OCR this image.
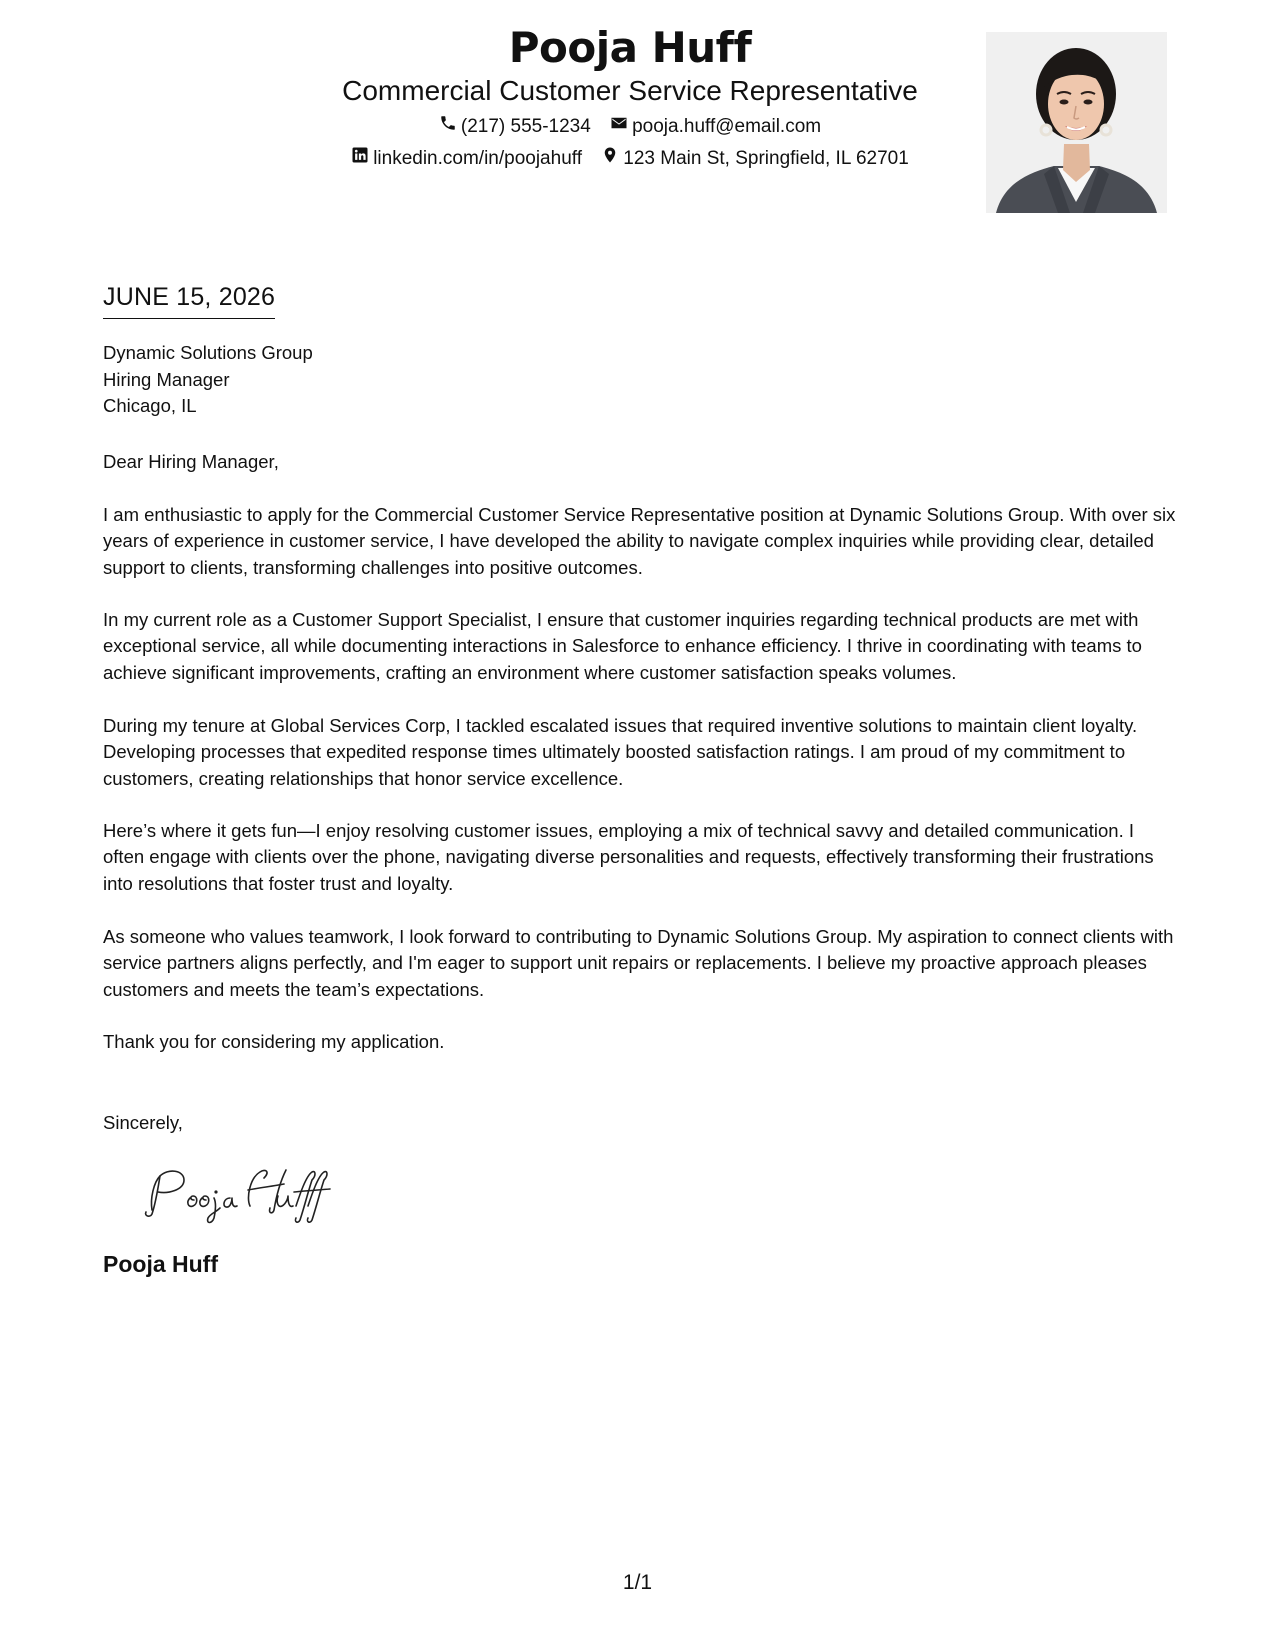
Pooja Huff
Commercial Customer Service Representative
(217) 555-1234
pooja.huff@email.com
linkedin.com/in/poojahuff
123 Main St, Springfield, IL 62701
JUNE 15, 2026
Dynamic Solutions Group
Hiring Manager
Chicago, IL
Dear Hiring Manager,
I am enthusiastic to apply for the Commercial Customer Service Representative position at Dynamic Solutions Group. With over six years of experience in customer service, I have developed the ability to navigate complex inquiries while providing clear, detailed support to clients, transforming challenges into positive outcomes.
In my current role as a Customer Support Specialist, I ensure that customer inquiries regarding technical products are met with exceptional service, all while documenting interactions in Salesforce to enhance efficiency. I thrive in coordinating with teams to achieve significant improvements, crafting an environment where customer satisfaction speaks volumes.
During my tenure at Global Services Corp, I tackled escalated issues that required inventive solutions to maintain client loyalty. Developing processes that expedited response times ultimately boosted satisfaction ratings. I am proud of my commitment to customers, creating relationships that honor service excellence.
Here’s where it gets fun—I enjoy resolving customer issues, employing a mix of technical savvy and detailed communication. I often engage with clients over the phone, navigating diverse personalities and requests, effectively transforming their frustrations into resolutions that foster trust and loyalty.
As someone who values teamwork, I look forward to contributing to Dynamic Solutions Group. My aspiration to connect clients with service partners aligns perfectly, and I'm eager to support unit repairs or replacements. I believe my proactive approach pleases customers and meets the team’s expectations.
Thank you for considering my application.
Sincerely,
Pooja Huff
1/1
